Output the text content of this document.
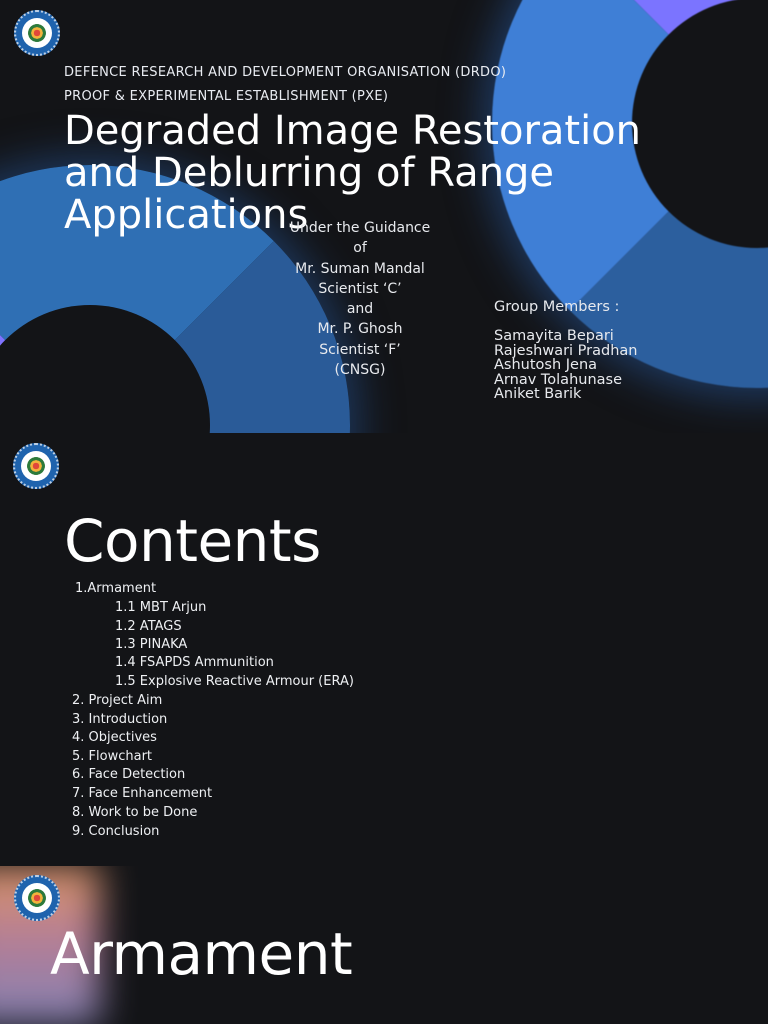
DEFENCE RESEARCH AND DEVELOPMENT ORGANISATION (DRDO)
PROOF & EXPERIMENTAL ESTABLISHMENT (PXE)
Degraded Image Restoration
and Deblurring of Range
Applications
Under the Guidance
of
Mr. Suman Mandal
Scientist ‘C’
and
Mr. P. Ghosh
Scientist ‘F’
(CNSG)
Group Members :
Samayita Bepari
Rajeshwari Pradhan
Ashutosh Jena
Arnav Tolahunase
Aniket Barik
Contents
1.Armament
1.1 MBT Arjun
1.2 ATAGS
1.3 PINAKA
1.4 FSAPDS Ammunition
1.5 Explosive Reactive Armour (ERA)
2. Project Aim
3. Introduction
4. Objectives
5. Flowchart
6. Face Detection
7. Face Enhancement
8. Work to be Done
9. Conclusion
Armament
